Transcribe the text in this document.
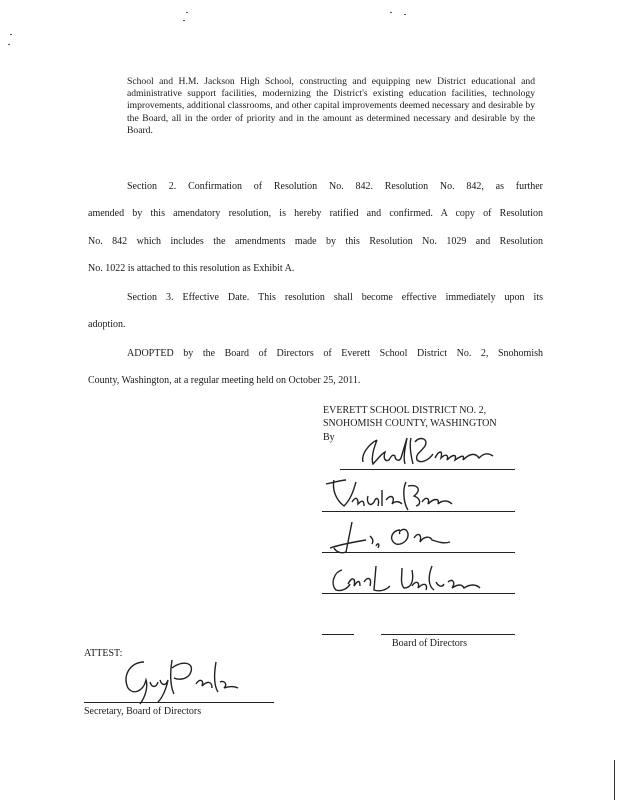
School and H.M. Jackson High School, constructing and equipping new District educational and administrative support facilities, modernizing the District's existing education facilities, technology improvements, additional classrooms, and other capital improvements deemed necessary and desirable by the Board, all in the order of priority and in the amount as determined necessary and desirable by the Board.
Section 2. Confirmation of Resolution No. 842. Resolution No. 842, as further
amended by this amendatory resolution, is hereby ratified and confirmed. A copy of Resolution
No. 842 which includes the amendments made by this Resolution No. 1029 and Resolution
No. 1022 is attached to this resolution as Exhibit A.
Section 3. Effective Date. This resolution shall become effective immediately upon its
adoption.
ADOPTED by the Board of Directors of Everett School District No. 2, Snohomish
County, Washington, at a regular meeting held on October 25, 2011.
EVERETT SCHOOL DISTRICT NO. 2,
SNOHOMISH COUNTY, WASHINGTON
By
Board of Directors
ATTEST:
Secretary, Board of Directors
